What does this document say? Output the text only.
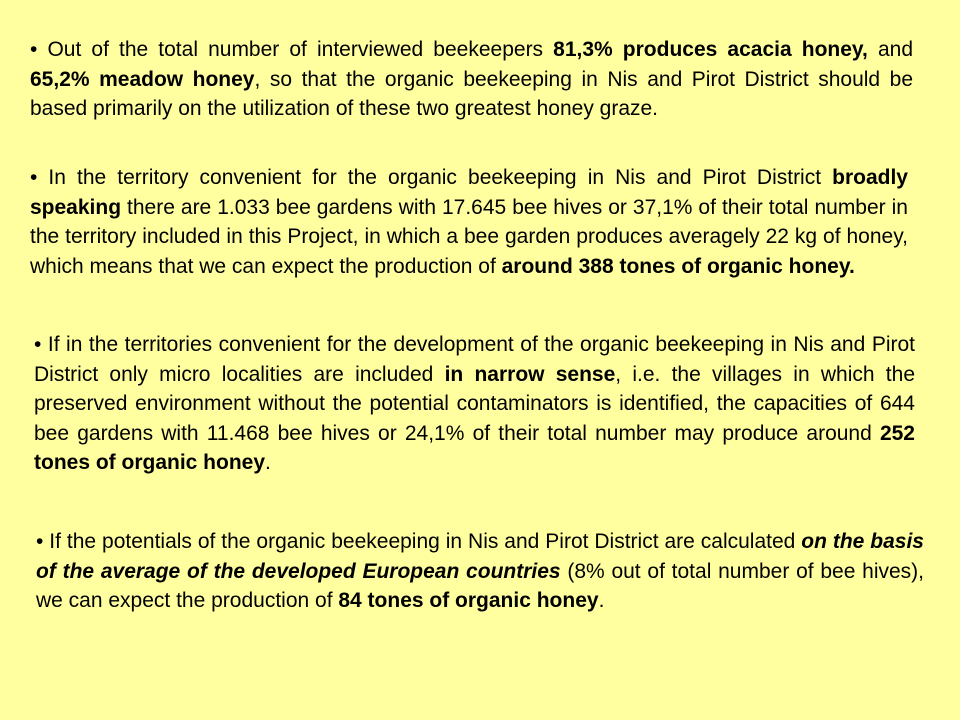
• Out of the total number of interviewed beekeepers 81,3% produces acacia honey, and 65,2% meadow honey, so that the organic beekeeping in Nis and Pirot District should be based primarily on the utilization of these two greatest honey graze.

• In the territory convenient for the organic beekeeping in Nis and Pirot District broadly speaking there are 1.033 bee gardens with 17.645 bee hives or 37,1% of their total number in the territory included in this Project, in which a bee garden produces averagely 22 kg of honey, which means that we can expect the production of around 388 tones of organic honey.

• If in the territories convenient for the development of the organic beekeeping in Nis and Pirot District only micro localities are included in narrow sense, i.e. the villages in which the preserved environment without the potential contaminators is identified, the capacities of 644 bee gardens with 11.468 bee hives or 24,1% of their total number may produce around 252 tones of organic honey.

• If the potentials of the organic beekeeping in Nis and Pirot District are calculated on the basis of the average of the developed European countries (8% out of total number of bee hives), we can expect the production of 84 tones of organic honey.
